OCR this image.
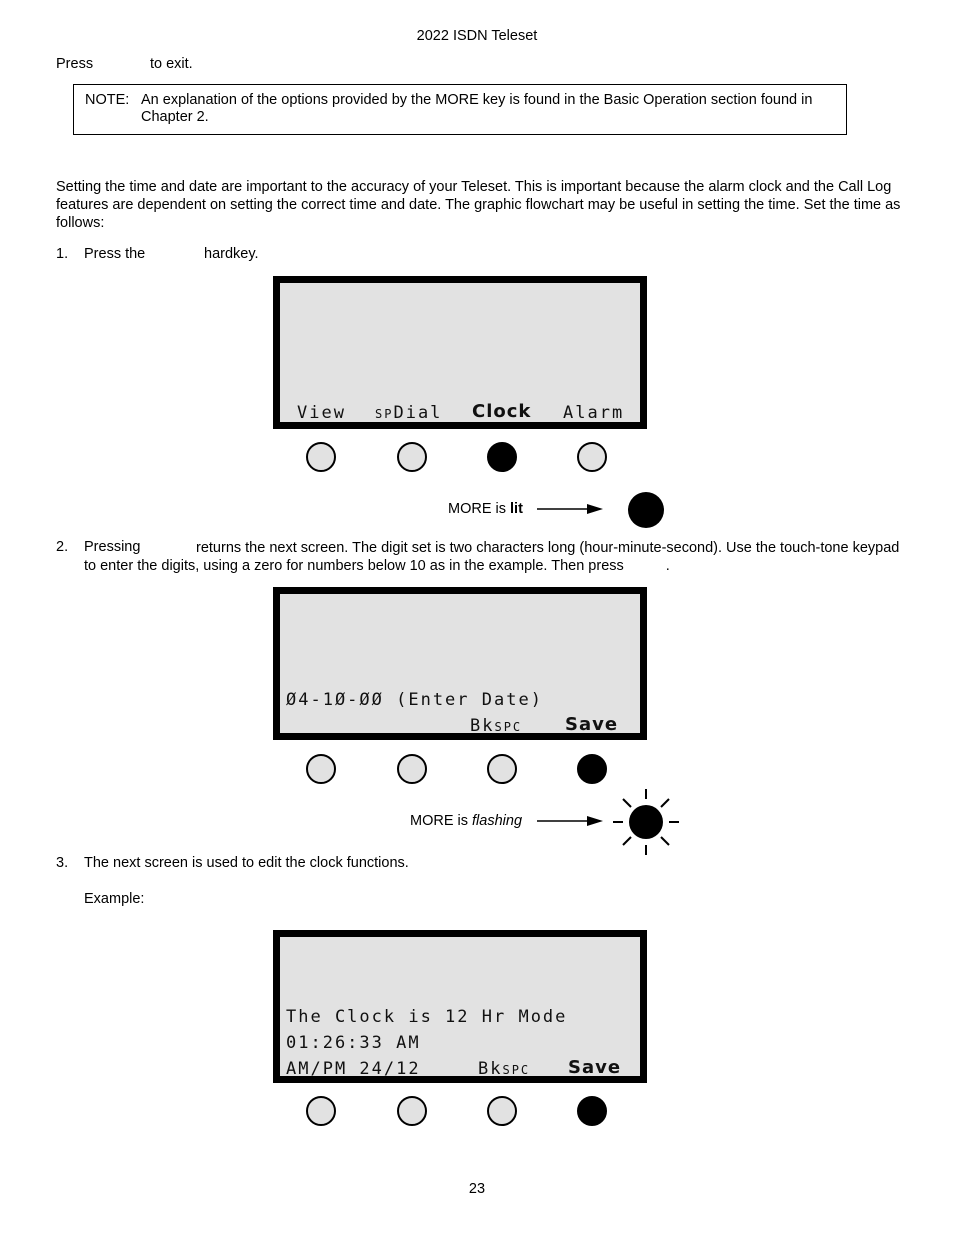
2022 ISDN Teleset
Press	to exit.
NOTE: An explanation of the options provided by the MORE key is found in the Basic Operation section found in Chapter 2.
Setting the time and date are important to the accuracy of your Teleset. This is important because the alarm clock and the Call Log features are dependent on setting the correct time and date. The graphic flowchart may be useful in setting the time. Set the time as follows:
1. Press the	hardkey.
View SPDial Clock Alarm
MORE is lit
2. Pressing	returns the next screen. The digit set is two characters long (hour-minute-second). Use the touch-tone keypad to enter the digits, using a zero for numbers below 10 as in the example. Then press	.
Ø4-1Ø-ØØ (Enter Date)
BkSPC Save
MORE is flashing
3. The next screen is used to edit the clock functions.
Example:
The Clock is 12 Hr Mode
01:26:33 AM
AM/PM 24/12	BkSPC Save
23
